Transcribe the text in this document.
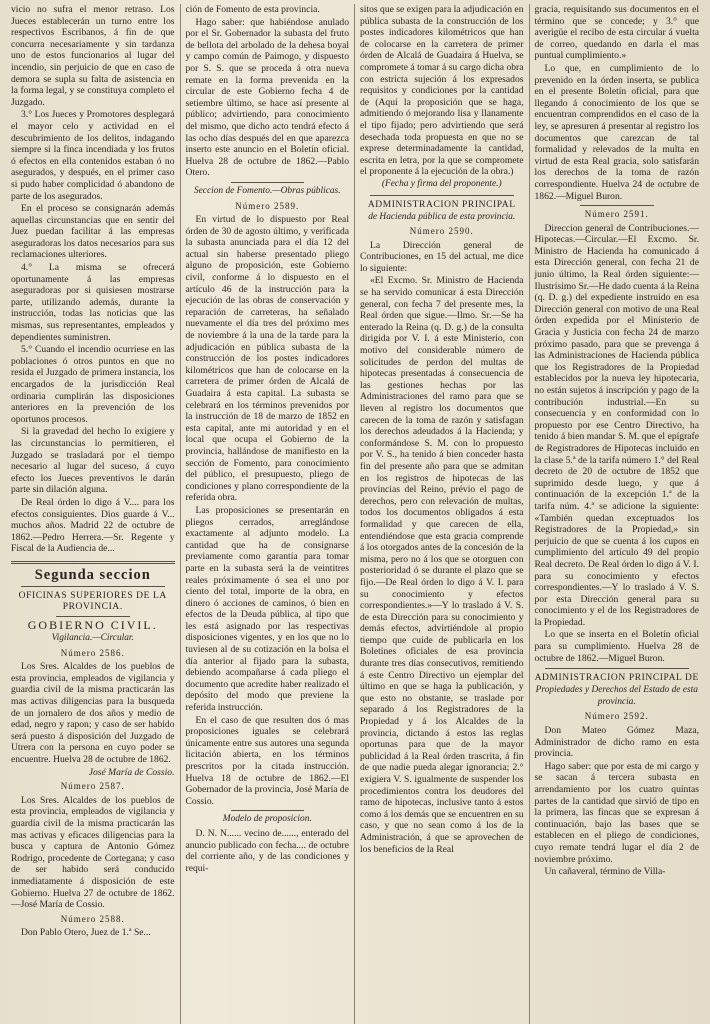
vicio no sufra el menor retraso. Los Jueces establecerán un turno entre los respectivos Escribanos, á fin de que concurra necesariamente y sin tardanza uno de estos funcionarios al lugar del incendio, sin perjuicio de que en caso de demora se supla su falta de asistencia en la forma legal, y se constituya completo el Juzgado.

3.° Los Jueces y Promotores desplegará el mayor celo y actividad en el descubrimiento de los delitos, indagando siempre si la finca incendiada y los frutos ó efectos en ella contenidos estaban ó no asegurados, y después, en el primer caso si pudo haber complicidad ó abandono de parte de los asegurados.

En el proceso se consignarán además aquellas circunstancias que en sentir del Juez puedan facilitar á las empresas aseguradoras los datos necesarios para sus reclamaciones ulteriores.

4.° La misma se ofrecerá oportunamente á las empresas aseguradoras por si quisiesen mostrarse parte, utilizando además, durante la instrucción, todas las noticias que las mismas, sus representantes, empleados y dependientes suministren.

5.° Cuando el incendio ocurriese en las poblaciones ó otros puntos en que no resida el Juzgado de primera instancia, los encargados de la jurisdicción Real ordinaria cumplirán las disposiciones anteriores en la prevención de los oportunos procesos.

Si la gravedad del hecho lo exigiere y las circunstancias lo permitieren, el Juzgado se trasladará por el tiempo necesario al lugar del suceso, á cuyo efecto los Jueces preventivos le darán parte sin dilación alguna.

De Real órden lo digo á V.... para los efectos consiguientes. Dios guarde á V... muchos años. Madrid 22 de octubre de 1862.—Pedro Herrera.—Sr. Regente y Fiscal de la Audiencia de...

Segunda seccion
OFICINAS SUPERIORES DE LA PROVINCIA.
GOBIERNO CIVIL.
Vigilancia.—Circular.
Número 2586.

Los Sres. Alcaldes de los pueblos de esta provincia, empleados de vigilancia y guardia civil de la misma practicarán las mas activas diligencias para la busqueda de un jornalero de dos años y medio de edad, negro y rapon; y caso de ser habido será puesto á disposición del Juzgado de Utrera con la persona en cuyo poder se encuentre. Huelva 28 de octubre de 1862.

José María de Cossio.

Número 2587.

Los Sres. Alcaldes de los pueblos de esta provincia, empleados de vigilancia y guardia civil de la misma practicarán las mas activas y eficaces diligencias para la busca y captura de Antonio Gómez Rodrigo, procedente de Cortegana; y caso de ser habido será conducido inmediatamente á disposición de este Gobierno. Huelva 27 de octubre de 1862.—José María de Cossio.

Número 2588.

Don Pablo Otero, Juez de 1.ª Se...

ción de Fomento de esta provincia.

Hago saber: que habiéndose anulado por el Sr. Gobernador la subasta del fruto de bellota del arbolado de la dehesa boyal y campo común de Paimogo, y dispuesto por S. S. que se proceda á otra nueva remate en la forma prevenida en la circular de este Gobierno fecha 4 de setiembre último, se hace así presente al público; advirtiendo, para conocimiento del mismo, que dicho acto tendrá efecto á las ocho días después del en que aparezca inserto este anuncio en el Boletín oficial. Huelva 28 de octubre de 1862.—Pablo Otero.

Seccion de Fomento.—Obras públicas.
Número 2589.

En virtud de lo dispuesto por Real órden de 30 de agosto último, y verificada la subasta anunciada para el día 12 del actual sin haberse presentado pliego alguno de proposición, este Gobierno civil, conforme á lo dispuesto en el artículo 46 de la instrucción para la ejecución de las obras de conservación y reparación de carreteras, ha señalado nuevamente el día tres del próximo mes de noviembre á la una de la tarde para la adjudicación en pública subasta de la construcción de los postes indicadores kilométricos que han de colocarse en la carretera de primer órden de Alcalá de Guadaira á esta capital. La subasta se celebrará en los términos prevenidos por la instrucción de 18 de marzo de 1852 en esta capital, ante mi autoridad y en el local que ocupa el Gobierno de la provincia, hallándose de manifiesto en la sección de Fomento, para conocimiento del público, el presupuesto, pliego de condiciones y plano correspondiente de la referida obra.

Las proposiciones se presentarán en pliegos cerrados, arreglándose exactamente al adjunto modelo. La cantidad que ha de consignarse previamente como garantía para tomar parte en la subasta será la de veintitres reales próximamente ó sea el uno por ciento del total, importe de la obra, en dinero ó acciones de caminos, ó bien en efectos de la Deuda pública, al tipo que les está asignado por las respectivas disposiciones vigentes, y en los que no lo tuviesen al de su cotización en la bolsa el día anterior al fijado para la subasta, debiendo acompañarse á cada pliego el documento que acredite haber realizado el depósito del modo que previene la referida instrucción.

En el caso de que resulten dos ó mas proposiciones iguales se celebrará únicamente entre sus autores una segunda licitación abierta, en los términos prescritos por la citada instrucción. Huelva 18 de octubre de 1862.—El Gobernador de la provincia, José María de Cossio.

Modelo de proposicion.

D. N. N...... vecino de......, enterado del anuncio publicado con fecha.... de octubre del corriente año, y de las condiciones y requi-

sitos que se exigen para la adjudicación en pública subasta de la construcción de los postes indicadores kilométricos que han de colocarse en la carretera de primer órden de Alcalá de Guadaira á Huelva, se compromete á tomar á su cargo dicha obra con estricta sujeción á los expresados requisitos y condiciones por la cantidad de (Aquí la proposición que se haga, admitiendo ó mejorando lisa y llanamente el tipo fijado; pero advirtiendo que será desechada toda propuesta en que no se exprese determinadamente la cantidad, escrita en letra, por la que se compromete el proponente á la ejecución de la obra.)

(Fecha y firma del proponente.)
ADMINISTRACION PRINCIPAL
de Hacienda pública de esta provincia.
Número 2590.

La Dirección general de Contribuciones, en 15 del actual, me dice lo siguiente:

«El Excmo. Sr. Ministro de Hacienda se ha servido comunicar á esta Dirección general, con fecha 7 del presente mes, la Real órden que sigue.—Ilmo. Sr.—Se ha enterado la Reina (q. D. g.) de la consulta dirigida por V. I. á este Ministerio, con motivo del considerable número de solicitudes de perdon del multas de hipotecas presentadas á consecuencia de las gestiones hechas por las Administraciones del ramo para que se lleven al registro los documentos que carecen de la toma de razón y satisfagan los derechos adeudados á la Hacienda; y conformándose S. M. con lo propuesto por V. S., ha tenido á bien conceder hasta fin del presente año para que se admitan en los registros de hipotecas de las provincias del Reino, prévio el pago de derechos, pero con relevación de multas, todos los documentos obligados á esta formalidad y que carecen de ella, entendiéndose que esta gracia comprende á los otorgados antes de la concesión de la misma, pero no á los que se otorguen con posterioridad ó se durante el plazo que se fijo.—De Real órden lo digo á V. I. para su conocimiento y efectos correspondientes.»—Y lo traslado á V. S. de esta Dirección para su conocimiento y demás efectos, advirtiéndole al propio tiempo que cuide de publicarla en los Boletines oficiales de esa provincia durante tres días consecutivos, remitiendo á este Centro Directivo un ejemplar del último en que se haga la publicación, y que esto no obstante, se traslade por separado á los Registradores de la Propiedad y á los Alcaldes de la provincia, dictando á estos las reglas oportunas para que de la mayor publicidad á la Real órden trascrita, á fin de que nadie pueda alegar ignorancia; 2.° exigiera V. S. igualmente de suspender los procedimientos contra los deudores del ramo de hipotecas, inclusive tanto á estos como á los demás que se encuentren en su caso, y que no sean como á los de la Administración, á que se aprovechen de los beneficios de la Real

gracia, requisitando sus documentos en el término que se concede; y 3.° que averigüe el recibo de esta circular á vuelta de correo, quedando en darla el mas puntual cumplimiento.»

Lo que, en cumplimiento de lo prevenido en la órden inserta, se publica en el presente Boletín oficial, para que llegando á conocimiento de los que se encuentran comprendidos en el caso de la ley, se apresuren á presentar al registro los documentos que carezcan de tal formalidad y relevados de la multa en virtud de esta Real gracia, solo satisfarán los derechos de la toma de razón correspondiente. Huelva 24 de octubre de 1862.—Miguel Buron.

Número 2591.

Direccion general de Contribuciones.—Hipotecas.—Circular.—El Excmo. Sr. Ministro de Hacienda ha comunicado á esta Dirección general, con fecha 21 de junio último, la Real órden siguiente:—Ilustrísimo Sr.—He dado cuenta á la Reina (q. D. g.) del expediente instruido en esa Dirección general con motivo de una Real órden expedida por el Ministerio de Gracia y Justicia con fecha 24 de marzo próximo pasado, para que se prevenga á las Administraciones de Hacienda pública que los Registradores de la Propiedad establecidos por la nueva ley hipotecaria, no están sujetos á inscripción y pago de la contribución industrial.—En su consecuencia y en conformidad con lo propuesto por ese Centro Directivo, ha tenido á bien mandar S. M. que el epígrafe de Registradores de Hipotecas incluido en la clase 5.ª de la tarifa número 1.° del Real decreto de 20 de octubre de 1852 que suprimido desde luego, y que á continuación de la excepción 1.ª de la tarifa núm. 4.ª se adicione la siguiente: «También quedan exceptuados los Registradores de la Propiedad,» sin perjuicio de que se cuenta á los cupos en cumplimiento del artículo 49 del propio Real decreto. De Real órden lo digo á V. I. para su conocimiento y efectos correspondientes.—Y lo traslado á V. S. por esta Dirección general para su conocimiento y el de los Registradores de la Propiedad.

Lo que se inserta en el Boletín oficial para su cumplimiento. Huelva 28 de octubre de 1862.—Miguel Buron.

ADMINISTRACION PRINCIPAL DE
Propiedades y Derechos del Estado de esta provincia.
Número 2592.

Don Mateo Gómez Maza, Administrador de dicho ramo en esta provincia.

Hago saber: que por esta de mi cargo y se sacan á tercera subasta en arrendamiento por los cuatro quintas partes de la cantidad que sirvió de tipo en la primera, las fincas que se expresan á continuación, bajo las bases que se establecen en el pliego de condiciones, cuyo remate tendrá lugar el día 2 de noviembre próximo.

Un cañaveral, término de Villa-
